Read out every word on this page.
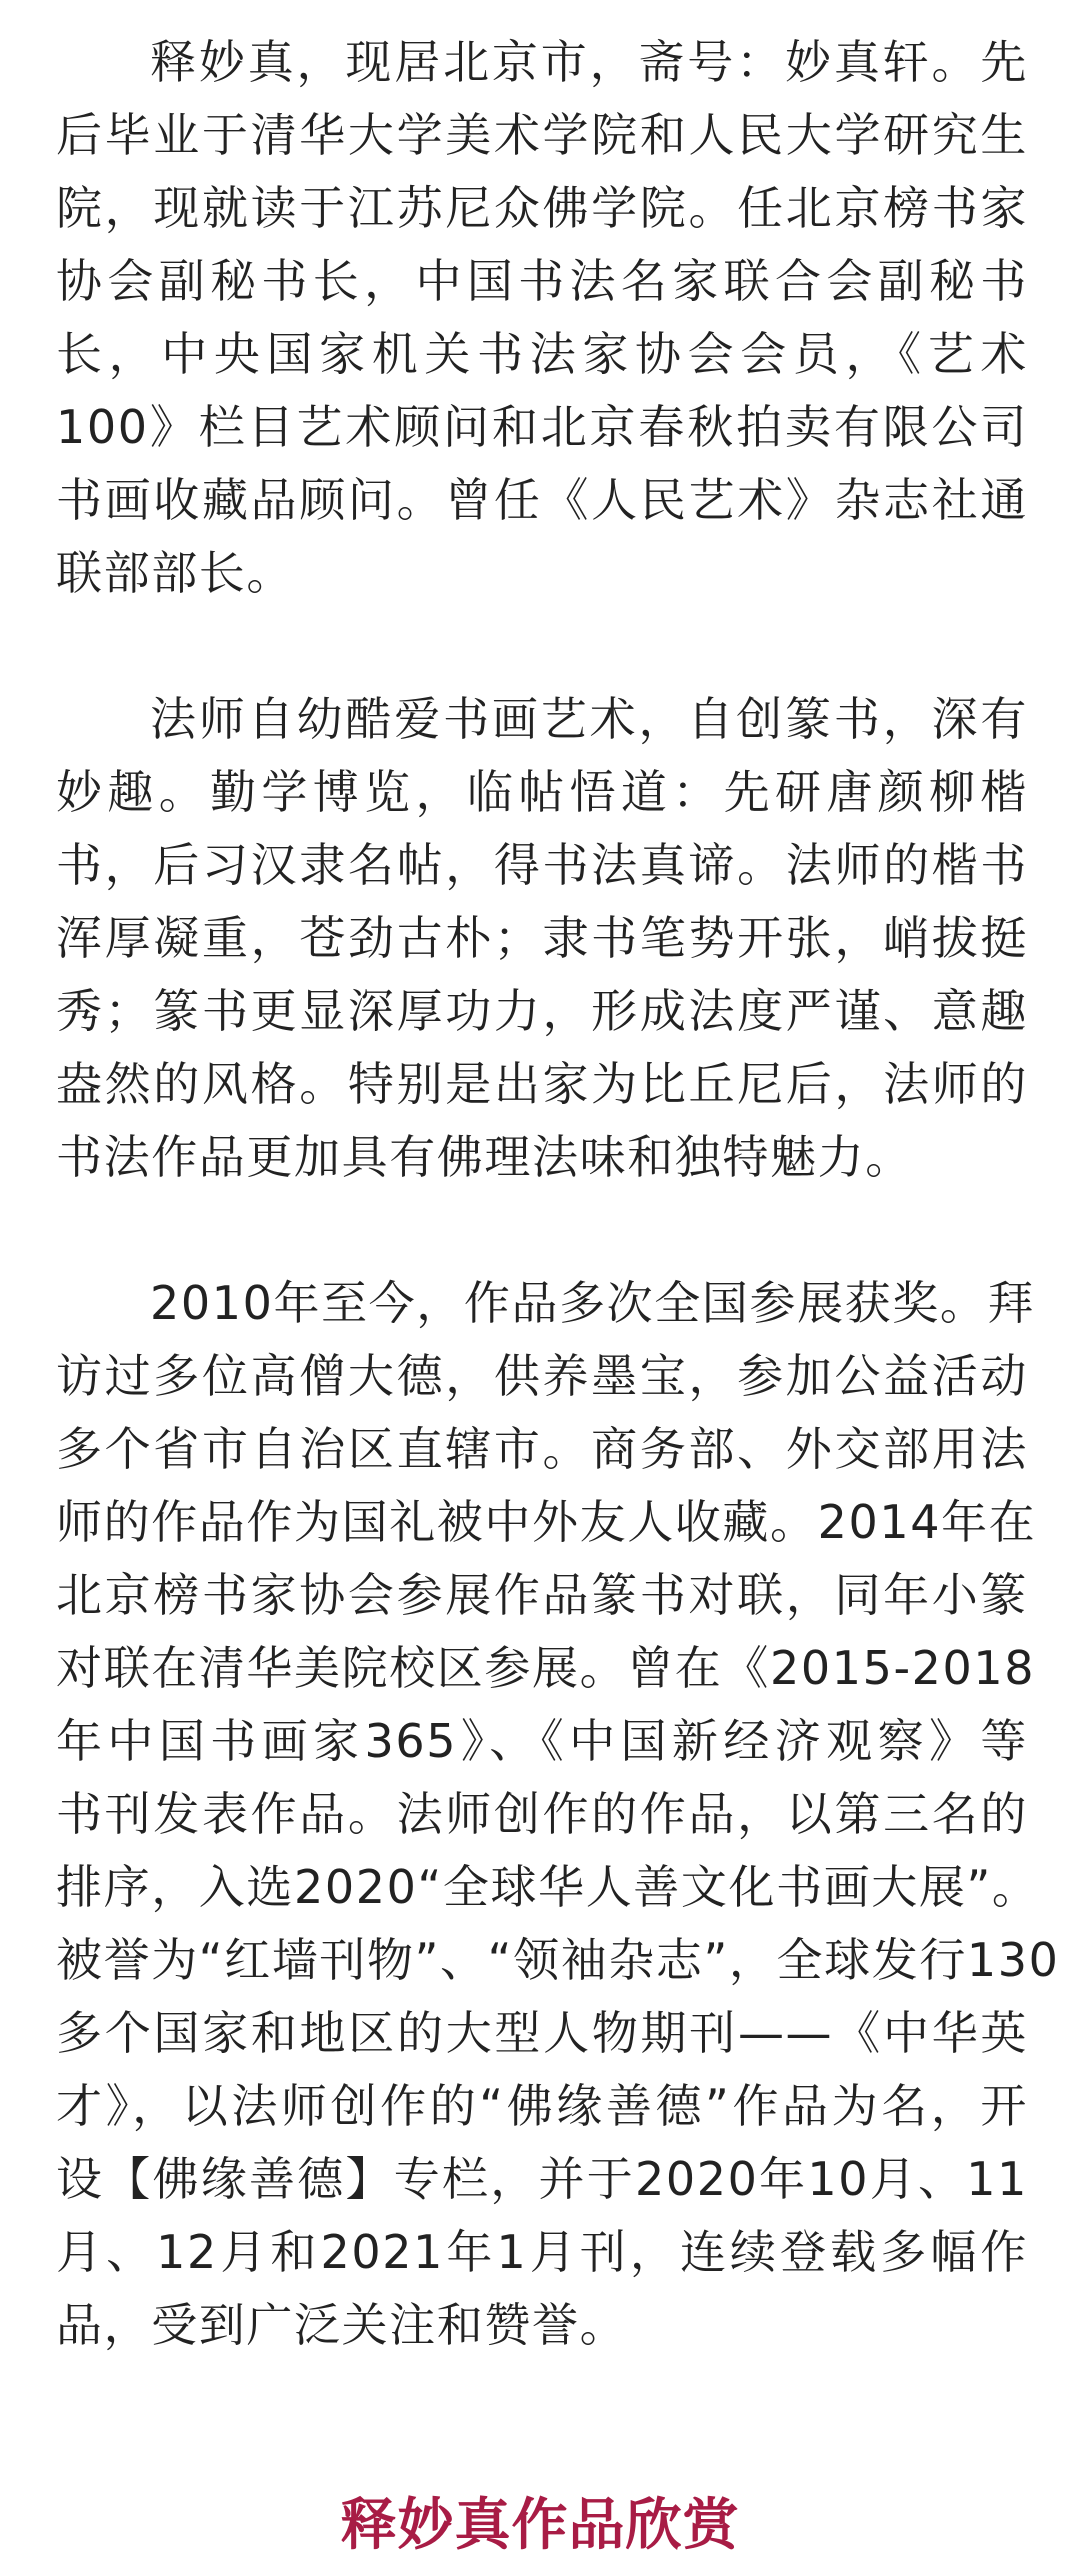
释妙真，现居北京市，斋号：妙真轩。先
后毕业于清华大学美术学院和人民大学研究生
院，现就读于江苏尼众佛学院。任北京榜书家
协会副秘书长，中国书法名家联合会副秘书
长，中央国家机关书法家协会会员，《艺术
100》栏目艺术顾问和北京春秋拍卖有限公司
书画收藏品顾问。曾任《人民艺术》杂志社通
联部部长。

法师自幼酷爱书画艺术，自创篆书，深有
妙趣。勤学博览，临帖悟道：先研唐颜柳楷
书，后习汉隶名帖，得书法真谛。法师的楷书
浑厚凝重，苍劲古朴；隶书笔势开张，峭拔挺
秀；篆书更显深厚功力，形成法度严谨、意趣
盎然的风格。特别是出家为比丘尼后，法师的
书法作品更加具有佛理法味和独特魅力。

2010年至今，作品多次全国参展获奖。拜
访过多位高僧大德，供养墨宝，参加公益活动
多个省市自治区直辖市。商务部、外交部用法
师的作品作为国礼被中外友人收藏。2014年在
北京榜书家协会参展作品篆书对联，同年小篆
对联在清华美院校区参展。曾在《2015-2018
年中国书画家365》、《中国新经济观察》等
书刊发表作品。法师创作的作品，以第三名的
排序，入选2020“全球华人善文化书画大展”。
被誉为“红墙刊物”、“领袖杂志”，全球发行130
多个国家和地区的大型人物期刊——《中华英
才》，以法师创作的“佛缘善德”作品为名，开
设【佛缘善德】专栏，并于2020年10月、11
月、12月和2021年1月刊，连续登载多幅作
品，受到广泛关注和赞誉。

释妙真作品欣赏
